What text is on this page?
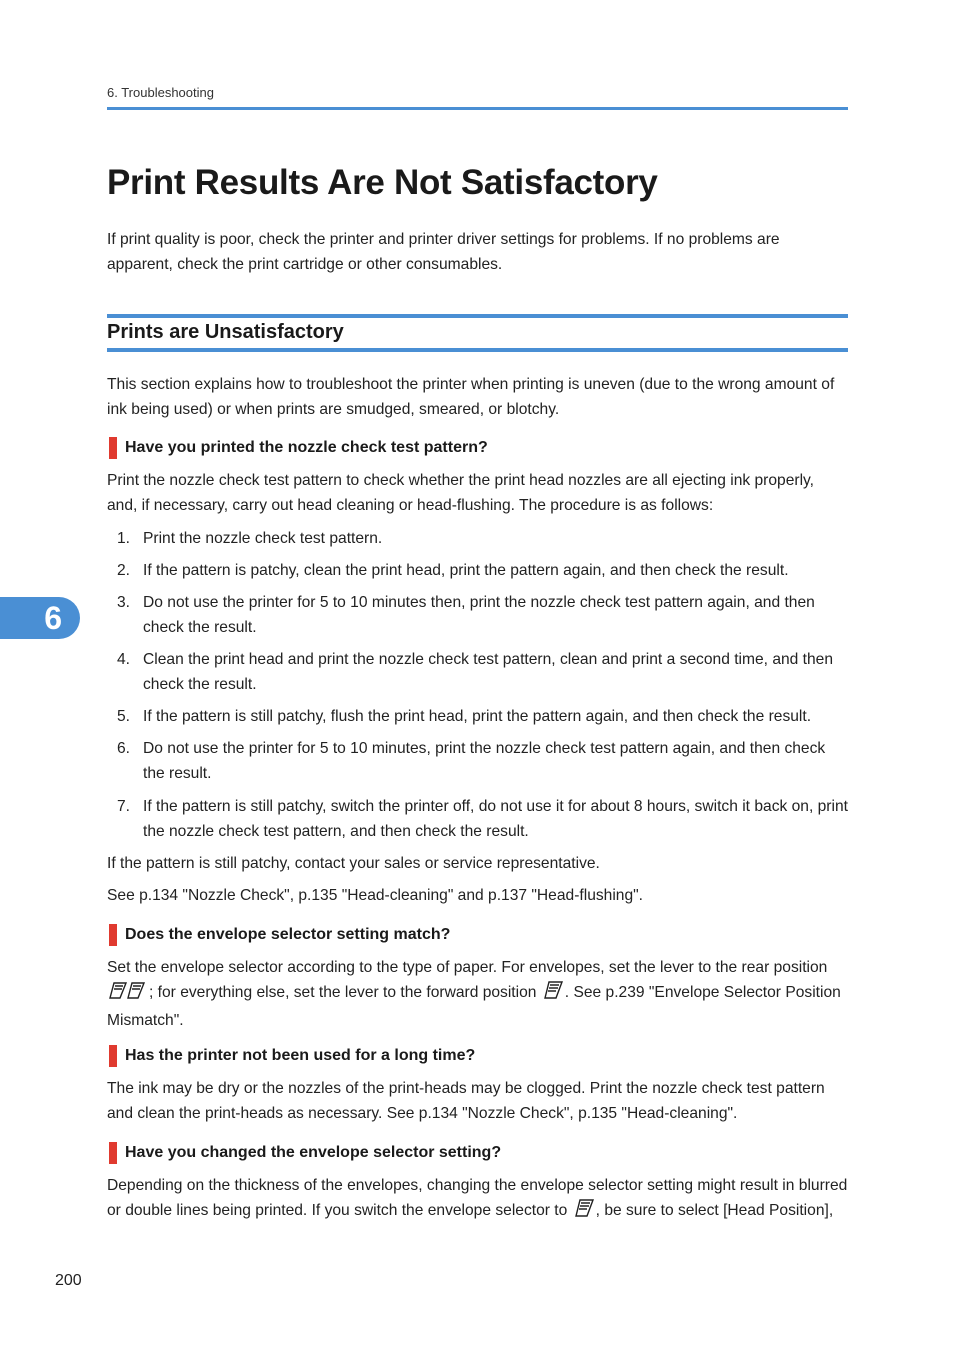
6. Troubleshooting
Print Results Are Not Satisfactory

If print quality is poor, check the printer and printer driver settings for problems. If no problems are apparent, check the print cartridge or other consumables.

Prints are Unsatisfactory

This section explains how to troubleshoot the printer when printing is uneven (due to the wrong amount of ink being used) or when prints are smudged, smeared, or blotchy.

Have you printed the nozzle check test pattern?

Print the nozzle check test pattern to check whether the print head nozzles are all ejecting ink properly, and, if necessary, carry out head cleaning or head-flushing. The procedure is as follows:

1. Print the nozzle check test pattern.
2. If the pattern is patchy, clean the print head, print the pattern again, and then check the result.
3. Do not use the printer for 5 to 10 minutes then, print the nozzle check test pattern again, and then check the result.
4. Clean the print head and print the nozzle check test pattern, clean and print a second time, and then check the result.
5. If the pattern is still patchy, flush the print head, print the pattern again, and then check the result.
6. Do not use the printer for 5 to 10 minutes, print the nozzle check test pattern again, and then check the result.
7. If the pattern is still patchy, switch the printer off, do not use it for about 8 hours, switch it back on, print the nozzle check test pattern, and then check the result.

If the pattern is still patchy, contact your sales or service representative.

See p.134 "Nozzle Check", p.135 "Head-cleaning" and p.137 "Head-flushing".

Does the envelope selector setting match?

Set the envelope selector according to the type of paper. For envelopes, set the lever to the rear position ; for everything else, set the lever to the forward position . See p.239 "Envelope Selector Position Mismatch".

Has the printer not been used for a long time?

The ink may be dry or the nozzles of the print-heads may be clogged. Print the nozzle check test pattern and clean the print-heads as necessary. See p.134 "Nozzle Check", p.135 "Head-cleaning".

Have you changed the envelope selector setting?

Depending on the thickness of the envelopes, changing the envelope selector setting might result in blurred or double lines being printed. If you switch the envelope selector to , be sure to select [Head Position],

6
200
